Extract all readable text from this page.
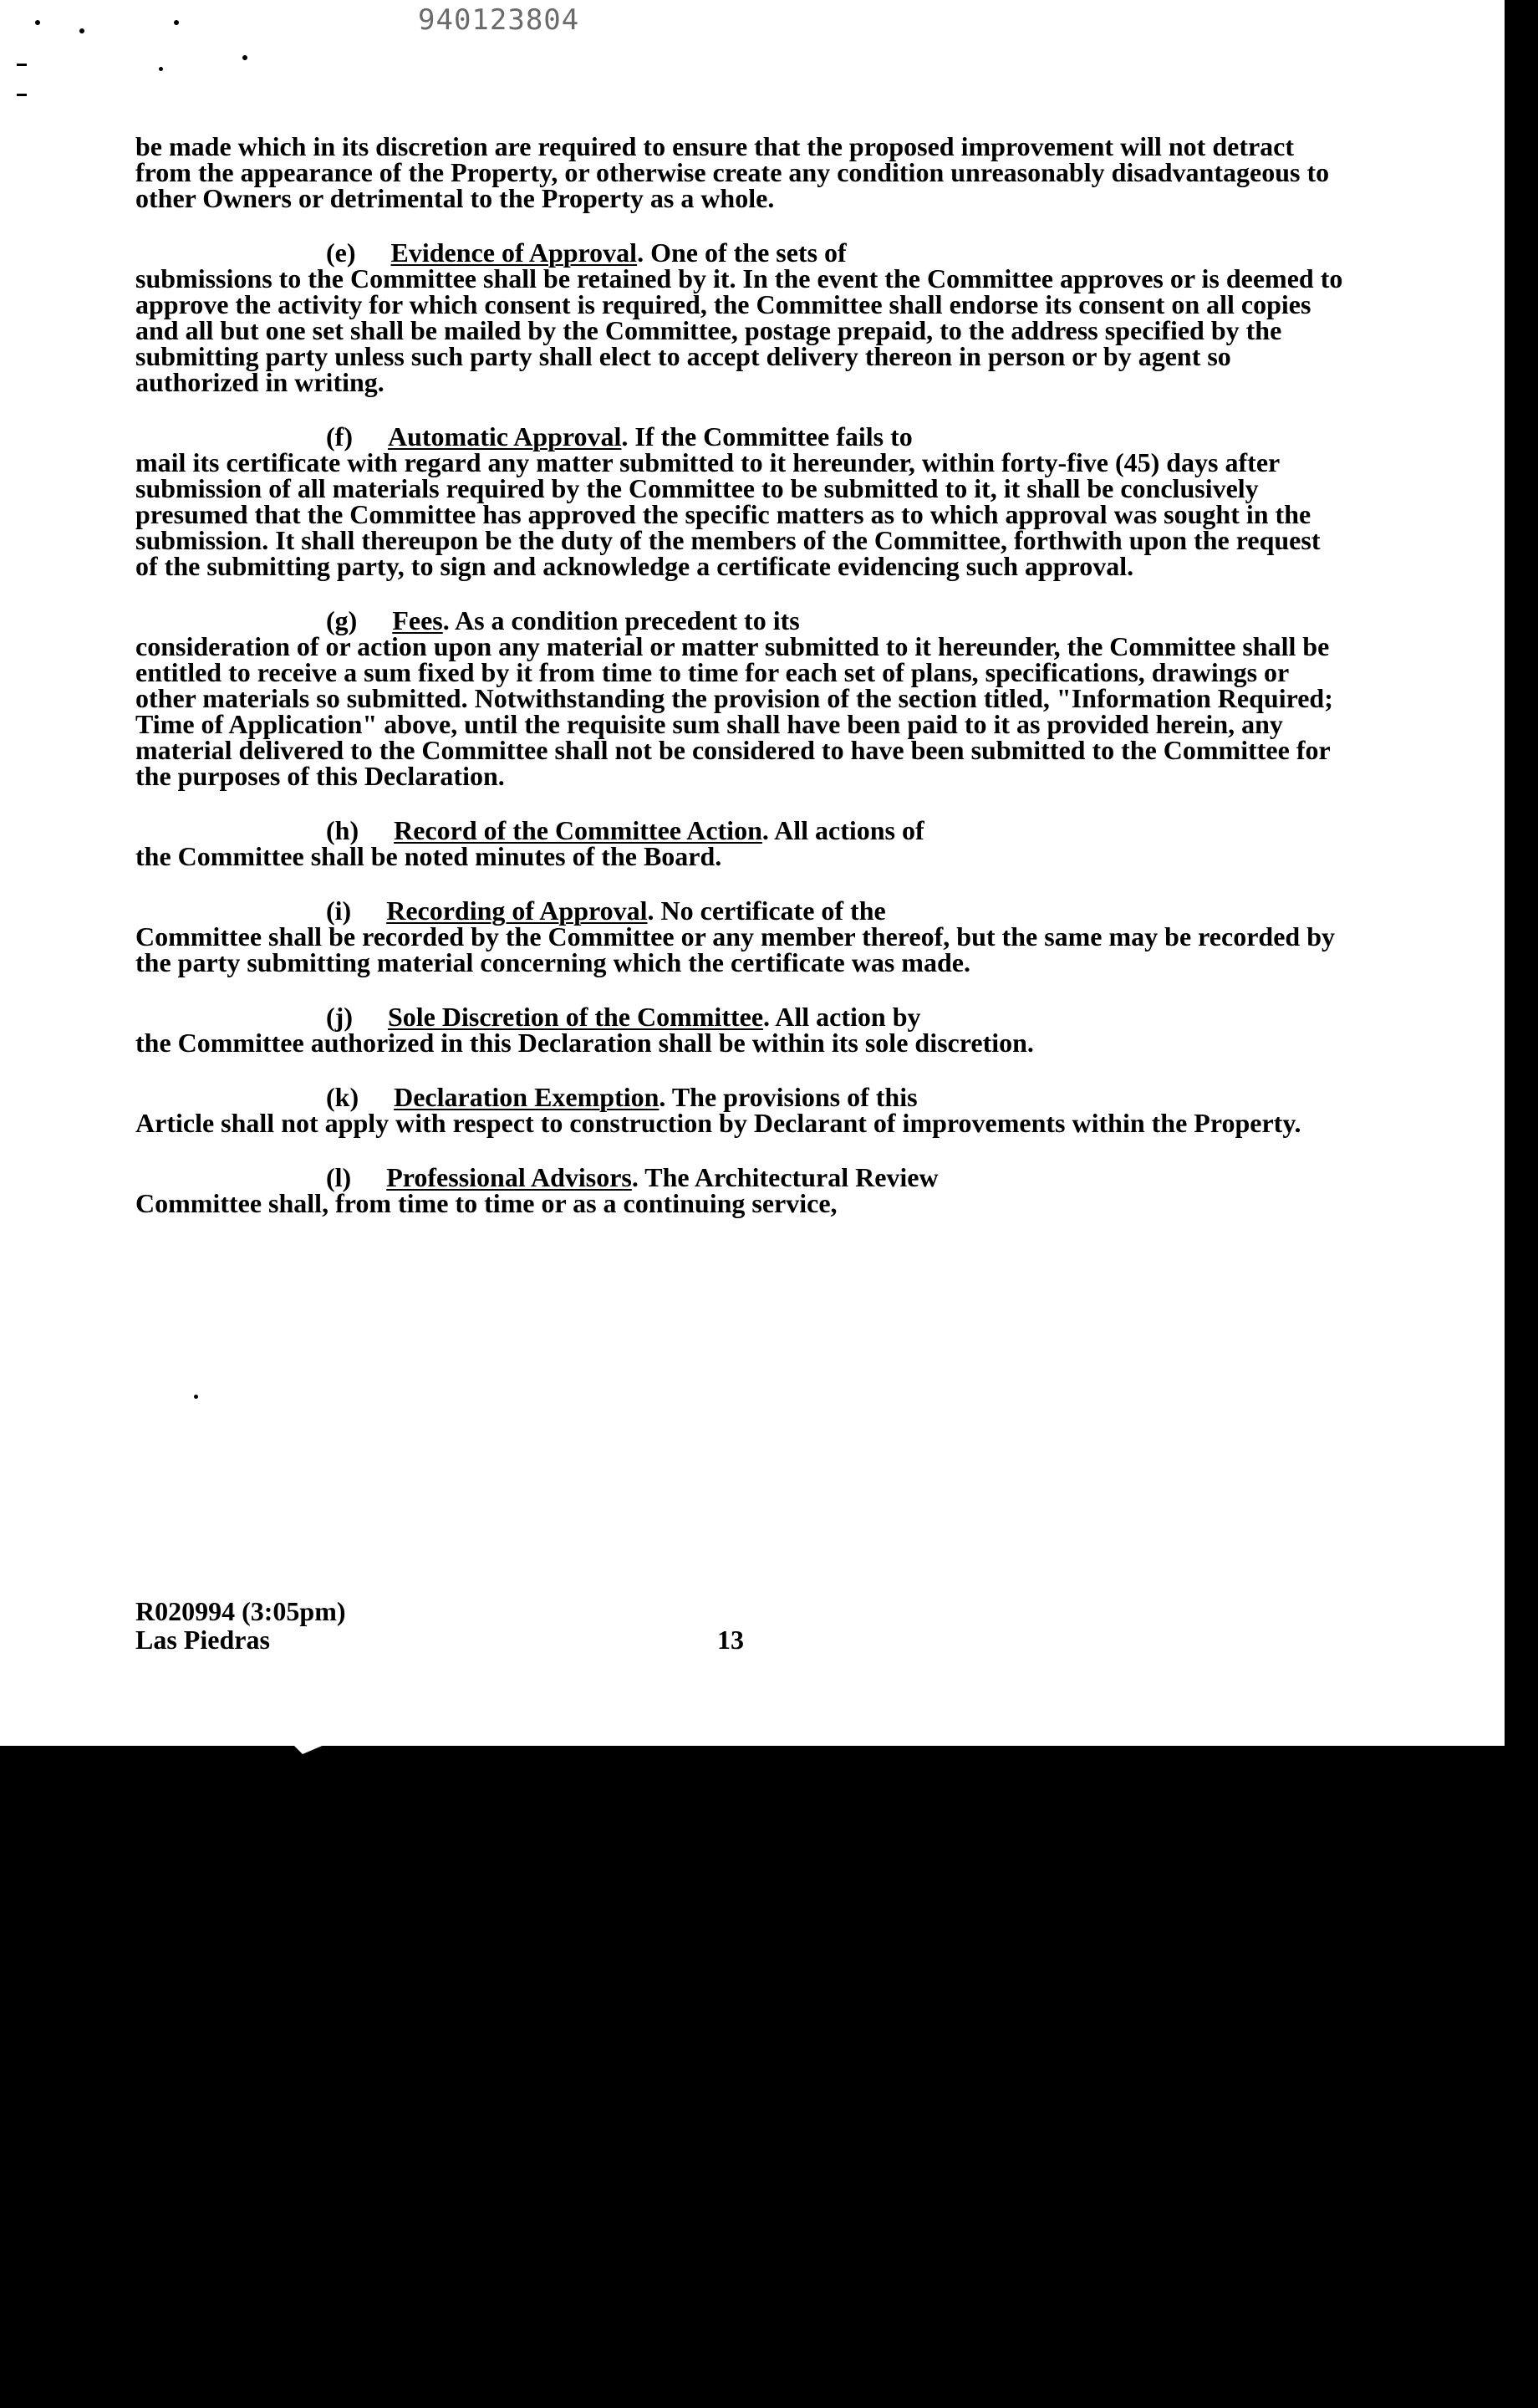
940123804

be made which in its discretion are required to ensure that the proposed improvement will not detract from the appearance of the Property, or otherwise create any condition unreasonably disadvantageous to other Owners or detrimental to the Property as a whole.

(e) Evidence of Approval. One of the sets of
submissions to the Committee shall be retained by it. In the event the Committee approves or is deemed to approve the activity for which consent is required, the Committee shall endorse its consent on all copies and all but one set shall be mailed by the Committee, postage prepaid, to the address specified by the submitting party unless such party shall elect to accept delivery thereon in person or by agent so authorized in writing.

(f) Automatic Approval. If the Committee fails to
mail its certificate with regard any matter submitted to it hereunder, within forty-five (45) days after submission of all materials required by the Committee to be submitted to it, it shall be conclusively presumed that the Committee has approved the specific matters as to which approval was sought in the submission. It shall thereupon be the duty of the members of the Committee, forthwith upon the request of the submitting party, to sign and acknowledge a certificate evidencing such approval.

(g) Fees. As a condition precedent to its
consideration of or action upon any material or matter submitted to it hereunder, the Committee shall be entitled to receive a sum fixed by it from time to time for each set of plans, specifications, drawings or other materials so submitted. Notwithstanding the provision of the section titled, "Information Required; Time of Application" above, until the requisite sum shall have been paid to it as provided herein, any material delivered to the Committee shall not be considered to have been submitted to the Committee for the purposes of this Declaration.

(h) Record of the Committee Action. All actions of
the Committee shall be noted minutes of the Board.

(i) Recording of Approval. No certificate of the
Committee shall be recorded by the Committee or any member thereof, but the same may be recorded by the party submitting material concerning which the certificate was made.

(j) Sole Discretion of the Committee. All action by
the Committee authorized in this Declaration shall be within its sole discretion.

(k) Declaration Exemption. The provisions of this
Article shall not apply with respect to construction by Declarant of improvements within the Property.

(l) Professional Advisors. The Architectural Review
Committee shall, from time to time or as a continuing service,

R020994 (3:05pm)
Las Piedras	13
